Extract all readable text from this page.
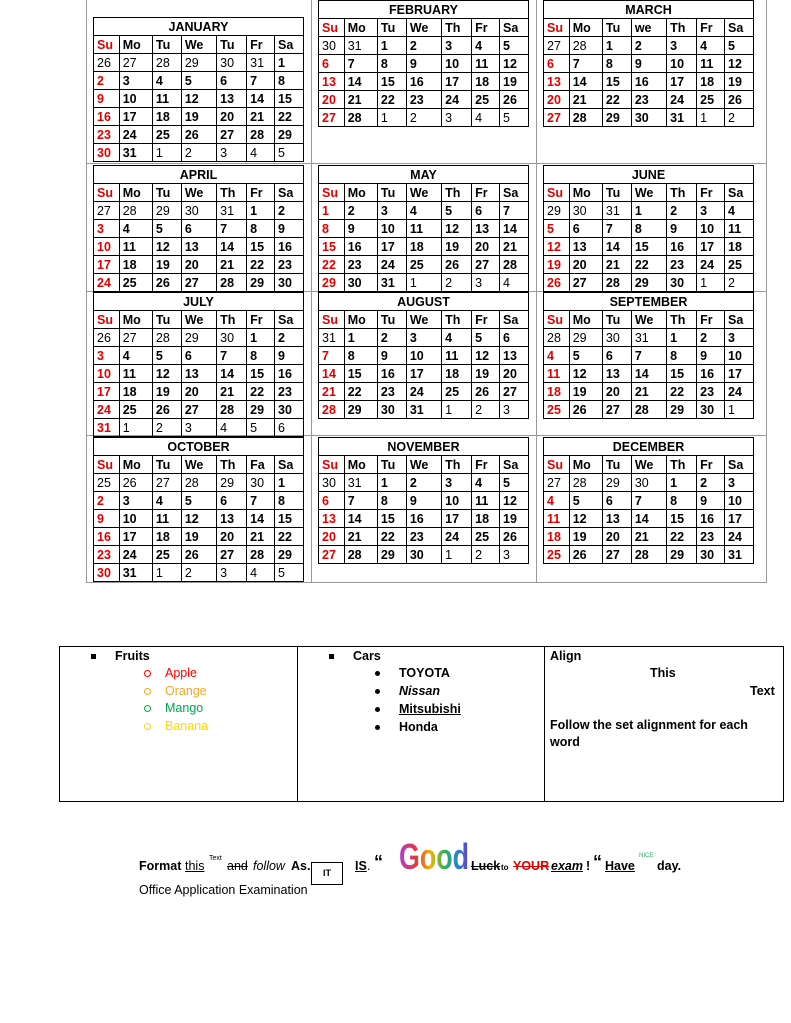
JANUARY						
Su	Mo	Tu	We	Tu	Fr	Sa
26	27	28	29	30	31	1
2	3	4	5	6	7	8
9	10	11	12	13	14	15
16	17	18	19	20	21	22
23	24	25	26	27	28	29
30	31	1	2	3	4	5
FEBRUARY						
Su	Mo	Tu	We	Th	Fr	Sa
30	31	1	2	3	4	5
6	7	8	9	10	11	12
13	14	15	16	17	18	19
20	21	22	23	24	25	26
27	28	1	2	3	4	5
MARCH						
Su	Mo	Tu	we	Th	Fr	Sa
27	28	1	2	3	4	5
6	7	8	9	10	11	12
13	14	15	16	17	18	19
20	21	22	23	24	25	26
27	28	29	30	31	1	2
APRIL						
Su	Mo	Tu	We	Th	Fr	Sa
27	28	29	30	31	1	2
3	4	5	6	7	8	9
10	11	12	13	14	15	16
17	18	19	20	21	22	23
24	25	26	27	28	29	30
MAY						
Su	Mo	Tu	We	Th	Fr	Sa
1	2	3	4	5	6	7
8	9	10	11	12	13	14
15	16	17	18	19	20	21
22	23	24	25	26	27	28
29	30	31	1	2	3	4
JUNE						
Su	Mo	Tu	We	Th	Fr	Sa
29	30	31	1	2	3	4
5	6	7	8	9	10	11
12	13	14	15	16	17	18
19	20	21	22	23	24	25
26	27	28	29	30	1	2
JULY						
Su	Mo	Tu	We	Th	Fr	Sa
26	27	28	29	30	1	2
3	4	5	6	7	8	9
10	11	12	13	14	15	16
17	18	19	20	21	22	23
24	25	26	27	28	29	30
31	1	2	3	4	5	6
AUGUST						
Su	Mo	Tu	We	Th	Fr	Sa
31	1	2	3	4	5	6
7	8	9	10	11	12	13
14	15	16	17	18	19	20
21	22	23	24	25	26	27
28	29	30	31	1	2	3
SEPTEMBER						
Su	Mo	Tu	We	Th	Fr	Sa
28	29	30	31	1	2	3
4	5	6	7	8	9	10
11	12	13	14	15	16	17
18	19	20	21	22	23	24
25	26	27	28	29	30	1
OCTOBER						
Su	Mo	Tu	We	Th	Fa	Sa
25	26	27	28	29	30	1
2	3	4	5	6	7	8
9	10	11	12	13	14	15
16	17	18	19	20	21	22
23	24	25	26	27	28	29
30	31	1	2	3	4	5
NOVEMBER						
Su	Mo	Tu	We	Th	Fr	Sa
30	31	1	2	3	4	5
6	7	8	9	10	11	12
13	14	15	16	17	18	19
20	21	22	23	24	25	26
27	28	29	30	1	2	3
DECEMBER						
Su	Mo	Tu	We	Th	Fr	Sa
27	28	29	30	1	2	3
4	5	6	7	8	9	10
11	12	13	14	15	16	17
18	19	20	21	22	23	24
25	26	27	28	29	30	31
Fruits
Apple
Orange
Mango
Banana
Cars
TOYOTA
Nissan
Mitsubishi
Honda
Align
This
Text
Follow the set alignment for each word
Format this
Text
and follow As.	IT	IS . “ Good Luck to YOUR exam ! “ Have
NICE
day.
Office Application Examination
